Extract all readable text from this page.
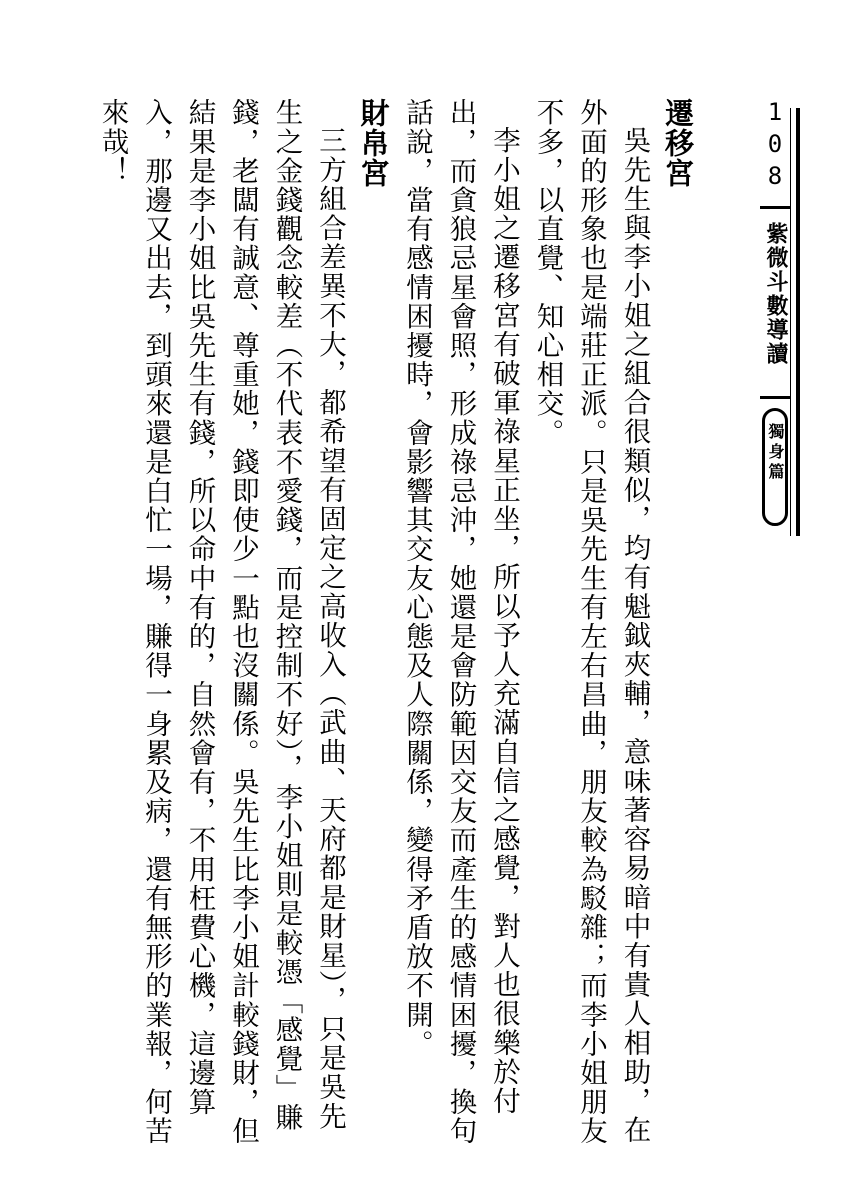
1
0
8
紫微斗數導讀
獨身篇

遷移宮

吳先生與李小姐之組合很類似，均有魁鉞夾輔，意味著容易暗中有貴人相助，在外面的形象也是端莊正派。只是吳先生有左右昌曲，朋友較為駁雜；而李小姐朋友不多，以直覺、知心相交。

李小姐之遷移宮有破軍祿星正坐，所以予人充滿自信之感覺，對人也很樂於付出，而貪狼忌星會照，形成祿忌沖，她還是會防範因交友而產生的感情困擾，換句話說，當有感情困擾時，會影響其交友心態及人際關係，變得矛盾放不開。

財帛宮

三方組合差異不大，都希望有固定之高收入（武曲、天府都是財星），只是吳先生之金錢觀念較差（不代表不愛錢，而是控制不好），李小姐則是較憑「感覺」賺錢，老闆有誠意、尊重她，錢即使少一點也沒關係。吳先生比李小姐計較錢財，但結果是李小姐比吳先生有錢，所以命中有的，自然會有，不用枉費心機，這邊算入，那邊又出去，到頭來還是白忙一場，賺得一身累及病，還有無形的業報，何苦來哉！
